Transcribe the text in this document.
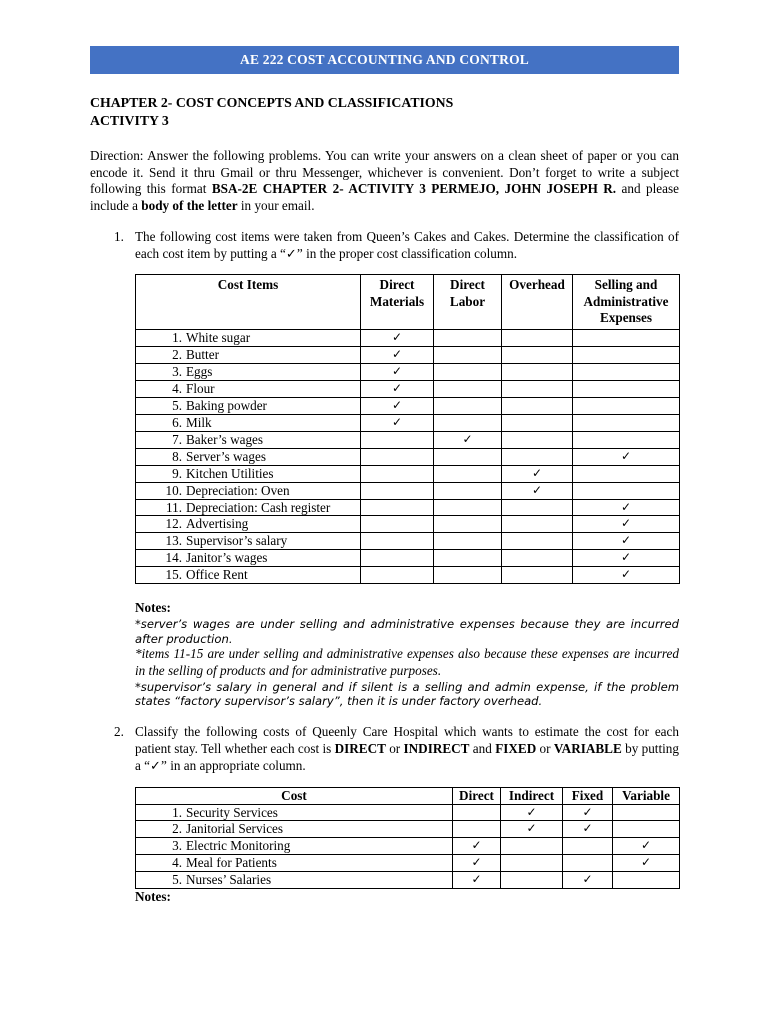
AE 222 COST ACCOUNTING AND CONTROL
CHAPTER 2- COST CONCEPTS AND CLASSIFICATIONS
ACTIVITY 3
Direction: Answer the following problems. You can write your answers on a clean sheet of paper or you can encode it. Send it thru Gmail or thru Messenger, whichever is convenient. Don’t forget to write a subject following this format BSA-2E CHAPTER 2- ACTIVITY 3 PERMEJO, JOHN JOSEPH R. and please include a body of the letter in your email.
1. The following cost items were taken from Queen’s Cakes and Cakes. Determine the classification of each cost item by putting a “✓” in the proper cost classification column.
Cost Items	Direct Materials	Direct Labor	Overhead	Selling and Administrative Expenses
1. White sugar	✓			
2. Butter	✓			
3. Eggs	✓			
4. Flour	✓			
5. Baking powder	✓			
6. Milk	✓			
7. Baker’s wages		✓		
8. Server’s wages				✓
9. Kitchen Utilities			✓	
10. Depreciation: Oven			✓	
11. Depreciation: Cash register				✓
12. Advertising				✓
13. Supervisor’s salary				✓
14. Janitor’s wages				✓
15. Office Rent				✓
Notes:
*server’s wages are under selling and administrative expenses because they are incurred after production.
*items 11-15 are under selling and administrative expenses also because these expenses are incurred in the selling of products and for administrative purposes.
*supervisor’s salary in general and if silent is a selling and admin expense, if the problem states “factory supervisor’s salary”, then it is under factory overhead.
2. Classify the following costs of Queenly Care Hospital which wants to estimate the cost for each patient stay. Tell whether each cost is DIRECT or INDIRECT and FIXED or VARIABLE by putting a “✓” in an appropriate column.
Cost	Direct	Indirect	Fixed	Variable
1. Security Services		✓	✓	
2. Janitorial Services		✓	✓	
3. Electric Monitoring	✓			✓
4. Meal for Patients	✓			✓
5. Nurses’ Salaries	✓		✓	
Notes:
